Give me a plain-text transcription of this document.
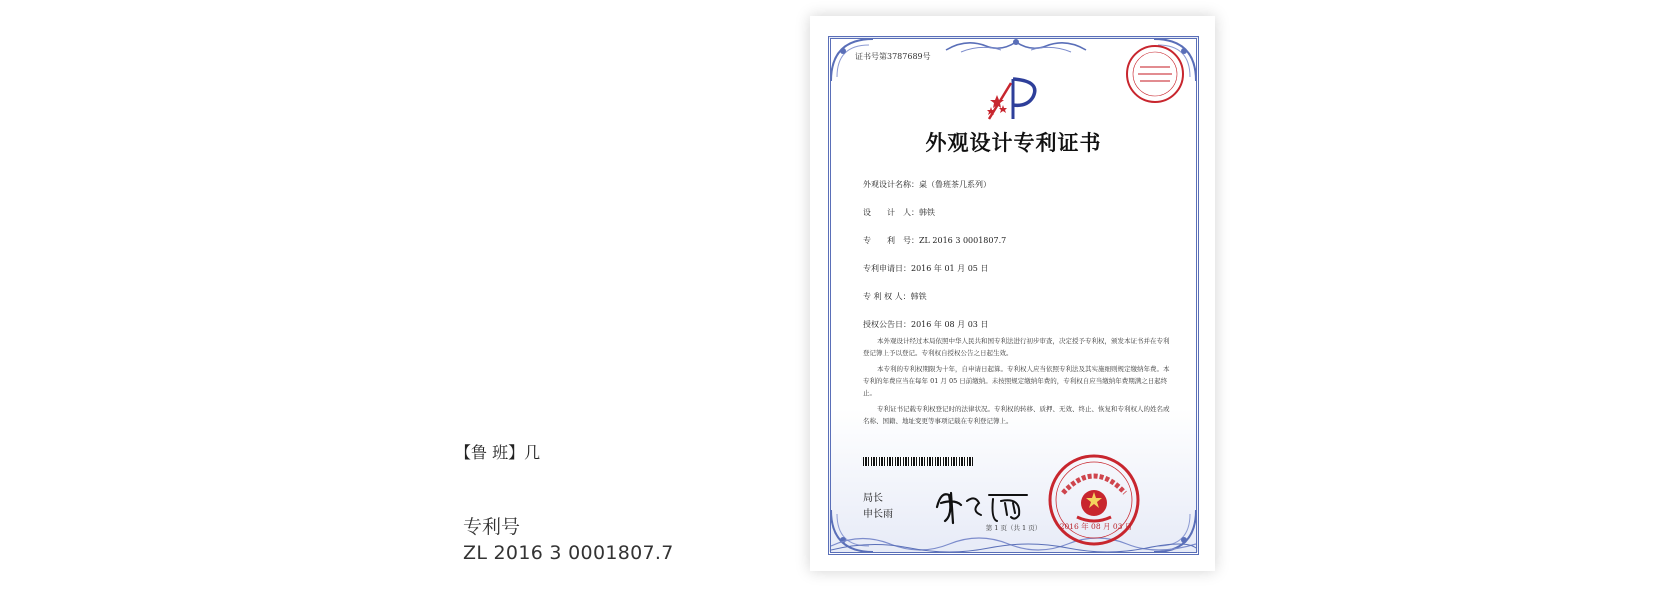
【鲁 班】几
专利号
ZL 2016 3 0001807.7
证书号第3787689号
外观设计专利证书
外观设计名称：桌（鲁班茶几系列）
设　　计　人：韩铁
专　　利　号：ZL 2016 3 0001807.7
专利申请日：2016 年 01 月 05 日
专 利 权 人：韩铁
授权公告日：2016 年 08 月 03 日
本外观设计经过本局依照中华人民共和国专利法进行初步审查，决定授予专利权，颁发本证书并在专利登记簿上予以登记。专利权自授权公告之日起生效。
本专利的专利权期限为十年，自申请日起算。专利权人应当依照专利法及其实施细则规定缴纳年费。本专利的年费应当在每年 01 月 05 日前缴纳。未按照规定缴纳年费的，专利权自应当缴纳年费期满之日起终止。
专利证书记载专利权登记时的法律状况。专利权的转移、质押、无效、终止、恢复和专利权人的姓名或名称、国籍、地址变更等事项记载在专利登记簿上。
局长
申长雨
2016 年 08 月 03 日
第 1 页（共 1 页）
